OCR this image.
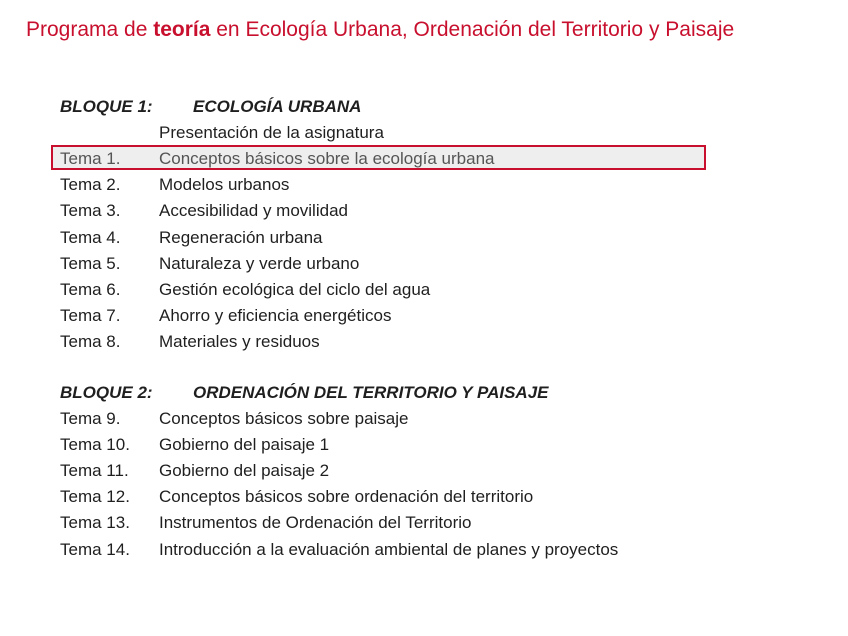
Programa de teoría en Ecología Urbana, Ordenación del Territorio y Paisaje
BLOQUE 1: ECOLOGÍA URBANA
Presentación de la asignatura
Tema 1. Conceptos básicos sobre la ecología urbana
Tema 2. Modelos urbanos
Tema 3. Accesibilidad y movilidad
Tema 4. Regeneración urbana
Tema 5. Naturaleza y verde urbano
Tema 6. Gestión ecológica del ciclo del agua
Tema 7. Ahorro y eficiencia energéticos
Tema 8. Materiales y residuos
BLOQUE 2: ORDENACIÓN DEL TERRITORIO Y PAISAJE
Tema 9. Conceptos básicos sobre paisaje
Tema 10. Gobierno del paisaje 1
Tema 11. Gobierno del paisaje 2
Tema 12. Conceptos básicos sobre ordenación del territorio
Tema 13. Instrumentos de Ordenación del Territorio
Tema 14. Introducción a la evaluación ambiental de planes y proyectos
